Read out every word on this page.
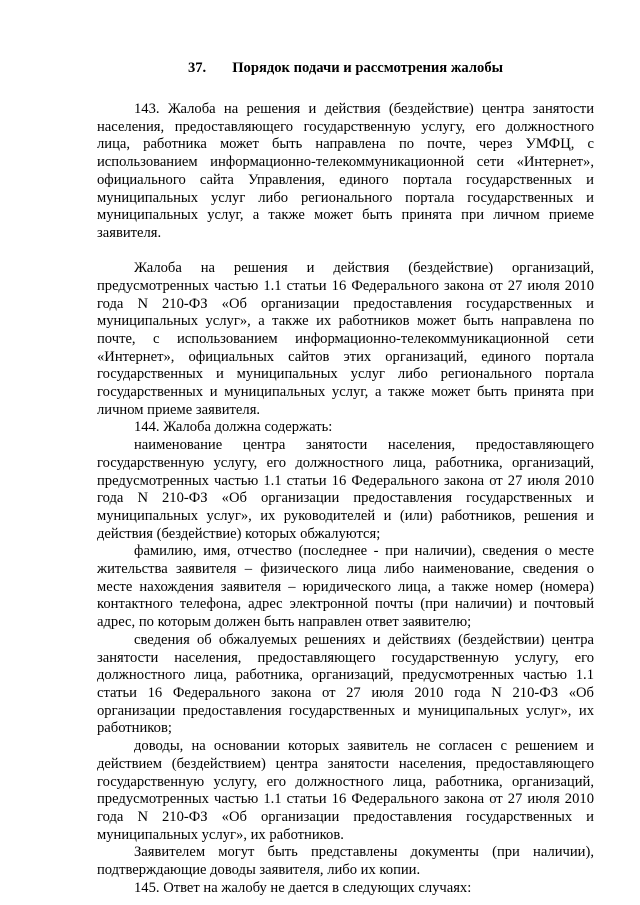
37. Порядок подачи и рассмотрения жалобы

143. Жалоба на решения и действия (бездействие) центра занятости населения, предоставляющего государственную услугу, его должностного лица, работника может быть направлена по почте, через УМФЦ, с использованием информационно-телекоммуникационной сети «Интернет», официального сайта Управления, единого портала государственных и муниципальных услуг либо регионального портала государственных и муниципальных услуг, а также может быть принята при личном приеме заявителя.

Жалоба на решения и действия (бездействие) организаций, предусмотренных частью 1.1 статьи 16 Федерального закона от 27 июля 2010 года N 210-ФЗ «Об организации предоставления государственных и муниципальных услуг», а также их работников может быть направлена по почте, с использованием информационно-телекоммуникационной сети «Интернет», официальных сайтов этих организаций, единого портала государственных и муниципальных услуг либо регионального портала государственных и муниципальных услуг, а также может быть принята при личном приеме заявителя.

144. Жалоба должна содержать:

наименование центра занятости населения, предоставляющего государственную услугу, его должностного лица, работника, организаций, предусмотренных частью 1.1 статьи 16 Федерального закона от 27 июля 2010 года N 210-ФЗ «Об организации предоставления государственных и муниципальных услуг», их руководителей и (или) работников, решения и действия (бездействие) которых обжалуются;

фамилию, имя, отчество (последнее - при наличии), сведения о месте жительства заявителя – физического лица либо наименование, сведения о месте нахождения заявителя – юридического лица, а также номер (номера) контактного телефона, адрес электронной почты (при наличии) и почтовый адрес, по которым должен быть направлен ответ заявителю;

сведения об обжалуемых решениях и действиях (бездействии) центра занятости населения, предоставляющего государственную услугу, его должностного лица, работника, организаций, предусмотренных частью 1.1 статьи 16 Федерального закона от 27 июля 2010 года N 210-ФЗ «Об организации предоставления государственных и муниципальных услуг», их работников;

доводы, на основании которых заявитель не согласен с решением и действием (бездействием) центра занятости населения, предоставляющего государственную услугу, его должностного лица, работника, организаций, предусмотренных частью 1.1 статьи 16 Федерального закона от 27 июля 2010 года N 210-ФЗ «Об организации предоставления государственных и муниципальных услуг», их работников.

Заявителем могут быть представлены документы (при наличии), подтверждающие доводы заявителя, либо их копии.

145. Ответ на жалобу не дается в следующих случаях:
